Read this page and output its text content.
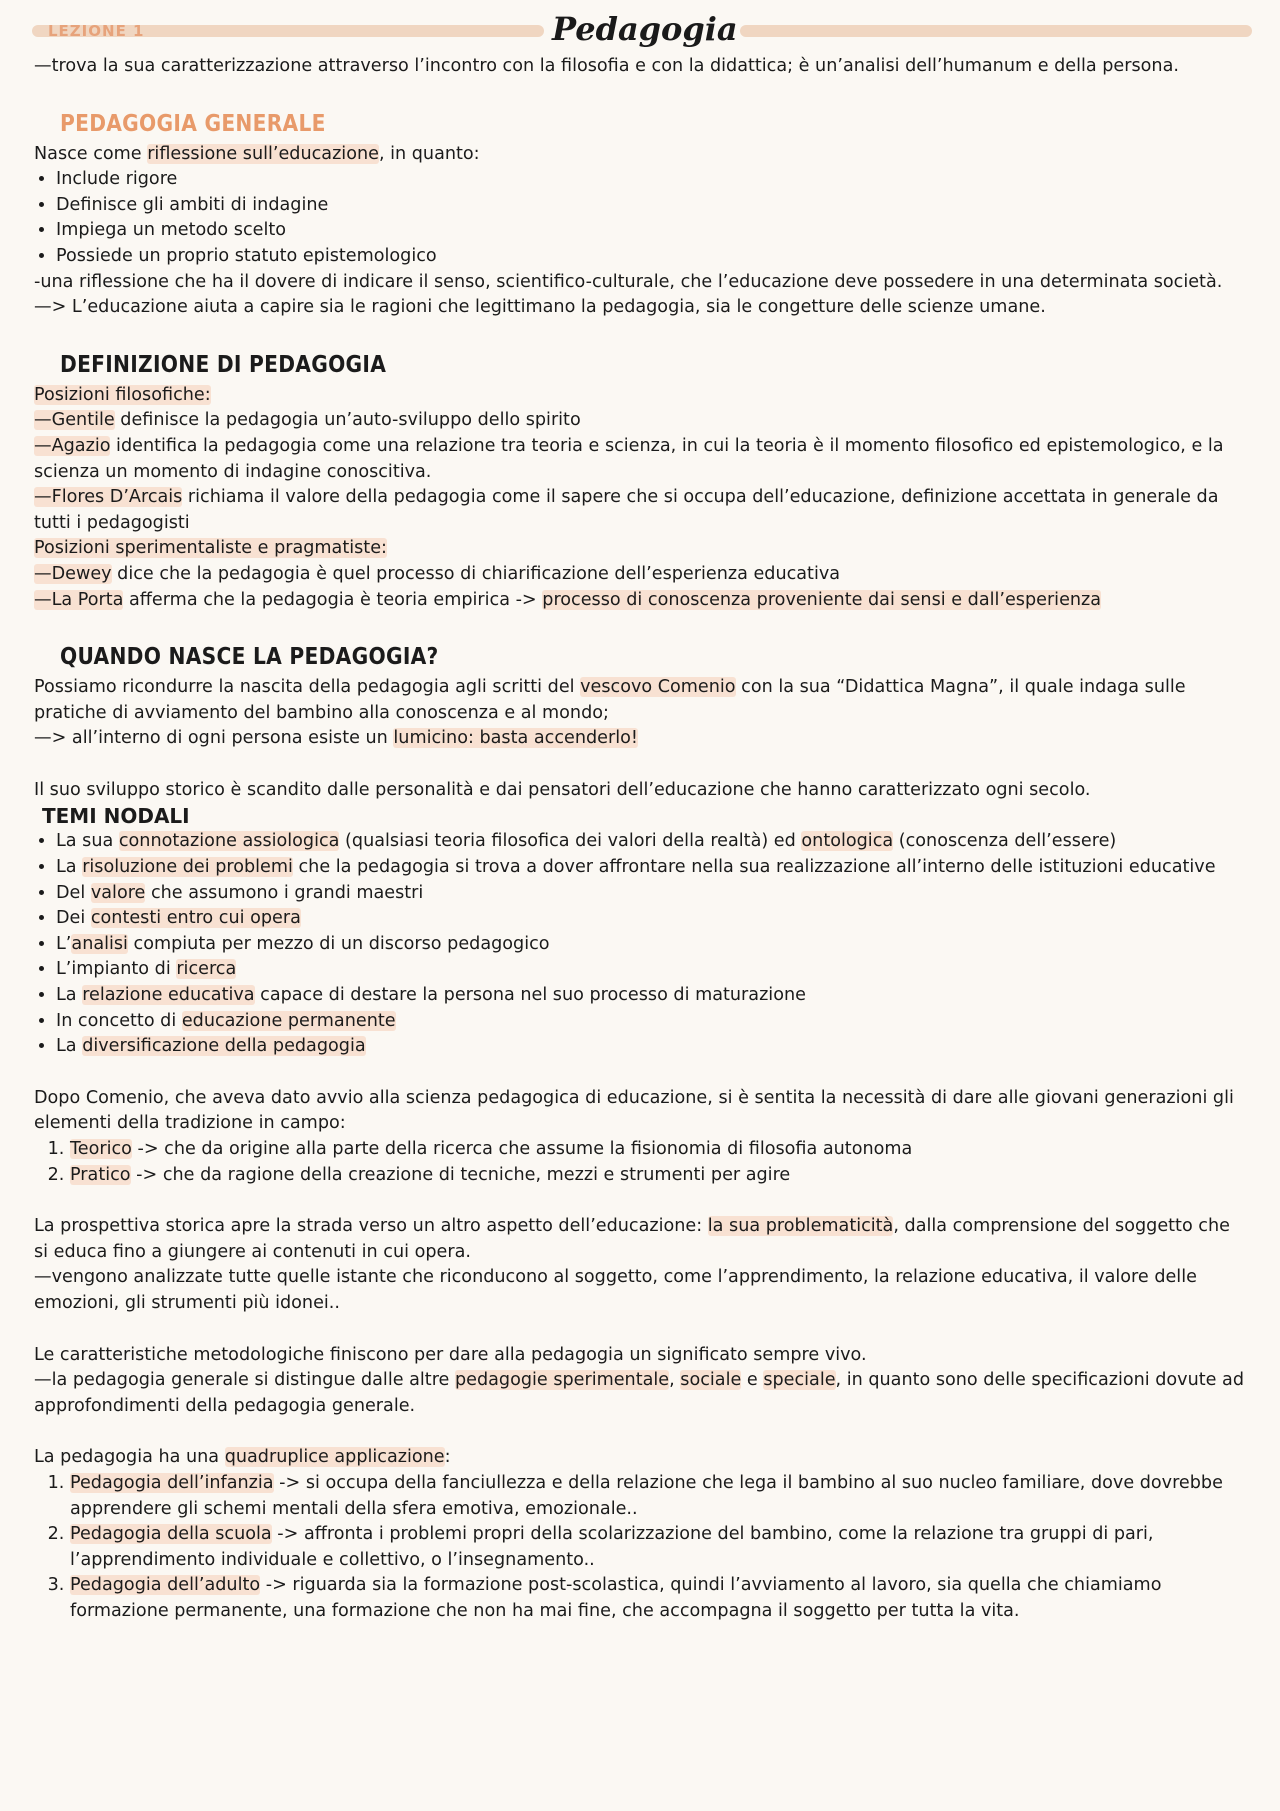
LEZIONE 1	Pedagogia

—trova la sua caratterizzazione attraverso l’incontro con la filosofia e con la didattica; è un’analisi dell’humanum e della persona.

PEDAGOGIA GENERALE

Nasce come riflessione sull’educazione, in quanto:

• Include rigore
• Definisce gli ambiti di indagine
• Impiega un metodo scelto
• Possiede un proprio statuto epistemologico

-una riflessione che ha il dovere di indicare il senso, scientifico-culturale, che l’educazione deve possedere in una determinata società.

—> L’educazione aiuta a capire sia le ragioni che legittimano la pedagogia, sia le congetture delle scienze umane.

DEFINIZIONE DI PEDAGOGIA

Posizioni filosofiche:

—Gentile definisce la pedagogia un’auto-sviluppo dello spirito

—Agazio identifica la pedagogia come una relazione tra teoria e scienza, in cui la teoria è il momento filosofico ed epistemologico, e la scienza un momento di indagine conoscitiva.

—Flores D’Arcais richiama il valore della pedagogia come il sapere che si occupa dell’educazione, definizione accettata in generale da tutti i pedagogisti

Posizioni sperimentaliste e pragmatiste:

—Dewey dice che la pedagogia è quel processo di chiarificazione dell’esperienza educativa

—La Porta afferma che la pedagogia è teoria empirica -> processo di conoscenza proveniente dai sensi e dall’esperienza

QUANDO NASCE LA PEDAGOGIA?

Possiamo ricondurre la nascita della pedagogia agli scritti del vescovo Comenio con la sua “Didattica Magna”, il quale indaga sulle pratiche di avviamento del bambino alla conoscenza e al mondo;

—> all’interno di ogni persona esiste un lumicino: basta accenderlo!

Il suo sviluppo storico è scandito dalle personalità e dai pensatori dell’educazione che hanno caratterizzato ogni secolo.

TEMI NODALI
• La sua connotazione assiologica (qualsiasi teoria filosofica dei valori della realtà) ed ontologica (conoscenza dell’essere)
• La risoluzione dei problemi che la pedagogia si trova a dover affrontare nella sua realizzazione all’interno delle istituzioni educative
• Del valore che assumono i grandi maestri
• Dei contesti entro cui opera
• L’analisi compiuta per mezzo di un discorso pedagogico
• L’impianto di ricerca
• La relazione educativa capace di destare la persona nel suo processo di maturazione
• In concetto di educazione permanente
• La diversificazione della pedagogia

Dopo Comenio, che aveva dato avvio alla scienza pedagogica di educazione, si è sentita la necessità di dare alle giovani generazioni gli elementi della tradizione in campo:

1. Teorico -> che da origine alla parte della ricerca che assume la fisionomia di filosofia autonoma
2. Pratico -> che da ragione della creazione di tecniche, mezzi e strumenti per agire

La prospettiva storica apre la strada verso un altro aspetto dell’educazione: la sua problematicità, dalla comprensione del soggetto che si educa fino a giungere ai contenuti in cui opera.

—vengono analizzate tutte quelle istante che riconducono al soggetto, come l’apprendimento, la relazione educativa, il valore delle emozioni, gli strumenti più idonei..

Le caratteristiche metodologiche finiscono per dare alla pedagogia un significato sempre vivo.

—la pedagogia generale si distingue dalle altre pedagogie sperimentale, sociale e speciale, in quanto sono delle specificazioni dovute ad approfondimenti della pedagogia generale.

La pedagogia ha una quadruplice applicazione:

1. Pedagogia dell’infanzia -> si occupa della fanciullezza e della relazione che lega il bambino al suo nucleo familiare, dove dovrebbe apprendere gli schemi mentali della sfera emotiva, emozionale..
2. Pedagogia della scuola -> affronta i problemi propri della scolarizzazione del bambino, come la relazione tra gruppi di pari, l’apprendimento individuale e collettivo, o l’insegnamento..
3. Pedagogia dell’adulto -> riguarda sia la formazione post-scolastica, quindi l’avviamento al lavoro, sia quella che chiamiamo formazione permanente, una formazione che non ha mai fine, che accompagna il soggetto per tutta la vita.
